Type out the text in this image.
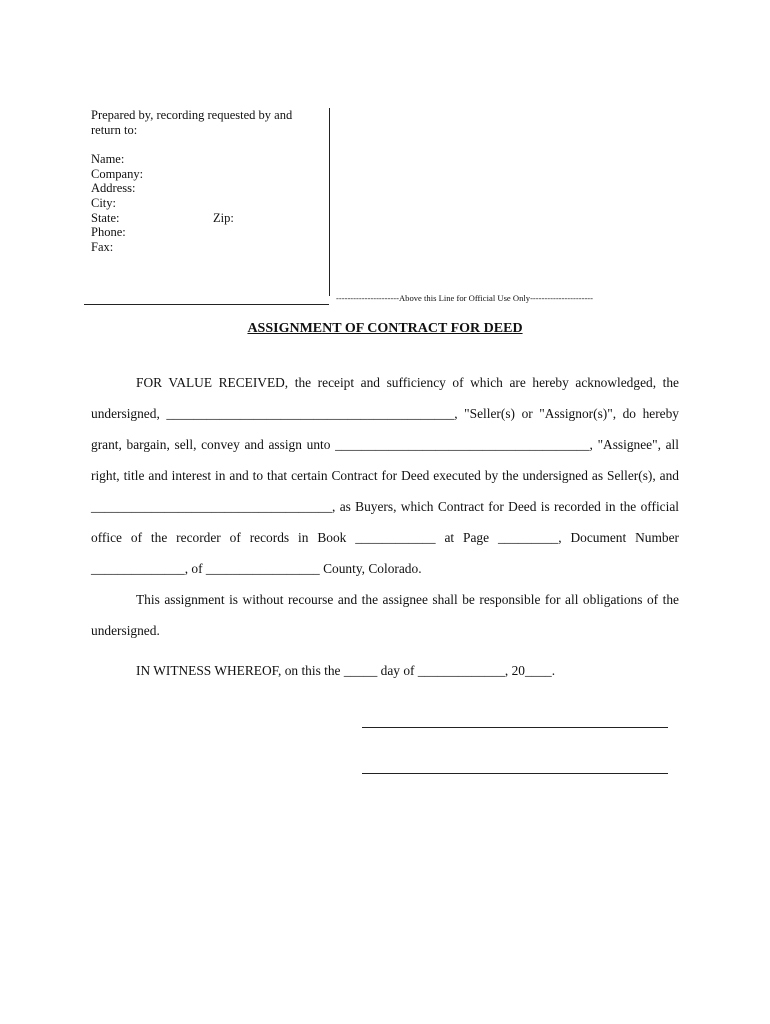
Prepared by, recording requested by and return to:
Name:
Company:
Address:
City:
State:	Zip:
Phone:
Fax:
----------------------Above this Line for Official Use Only----------------------
ASSIGNMENT OF CONTRACT FOR DEED

FOR VALUE RECEIVED, the receipt and sufficiency of which are hereby acknowledged, the undersigned, ___________________________________________, "Seller(s) or "Assignor(s)", do hereby grant, bargain, sell, convey and assign unto ______________________________________, "Assignee", all right, title and interest in and to that certain Contract for Deed executed by the undersigned as Seller(s), and ____________________________________, as Buyers, which Contract for Deed is recorded in the official office of the recorder of records in Book ____________ at Page _________, Document Number ______________, of _________________ County, Colorado.

This assignment is without recourse and the assignee shall be responsible for all obligations of the undersigned.

IN WITNESS WHEREOF, on this the _____ day of _____________, 20____.
